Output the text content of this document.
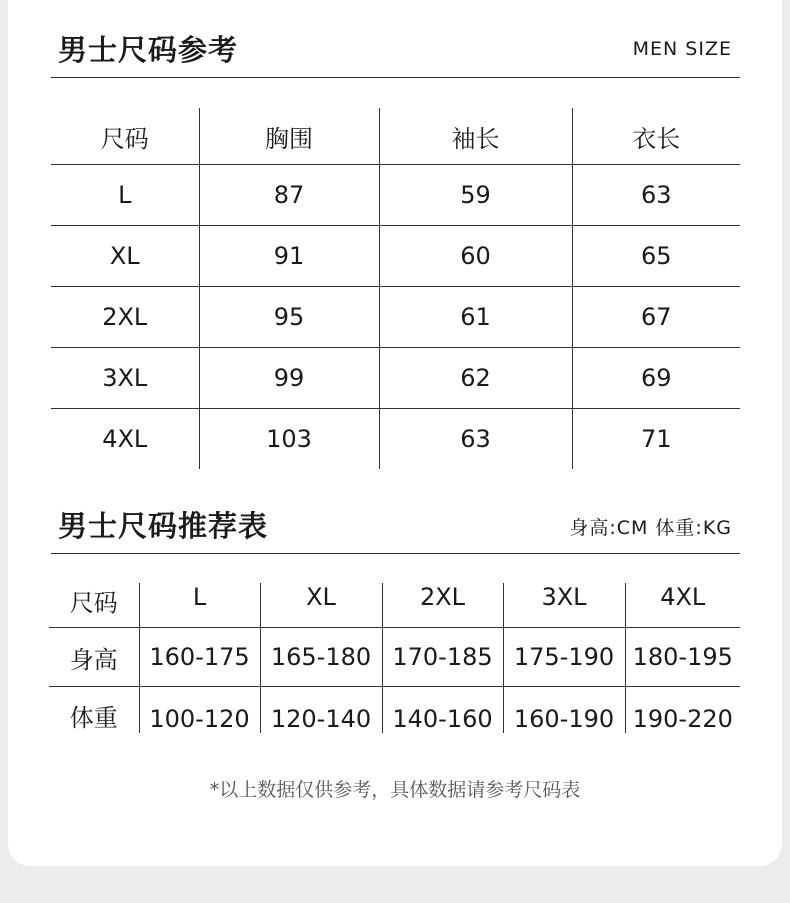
男士尺码参考	MEN SIZE
尺码	胸围	袖长	衣长
L	87	59	63
XL	91	60	65
2XL	95	61	67
3XL	99	62	69
4XL	103	63	71
男士尺码推荐表	身高:CM 体重:KG
尺码	L	XL	2XL	3XL	4XL
身高	160-175	165-180	170-185	175-190	180-195
体重	100-120	120-140	140-160	160-190	190-220
*以上数据仅供参考，具体数据请参考尺码表
